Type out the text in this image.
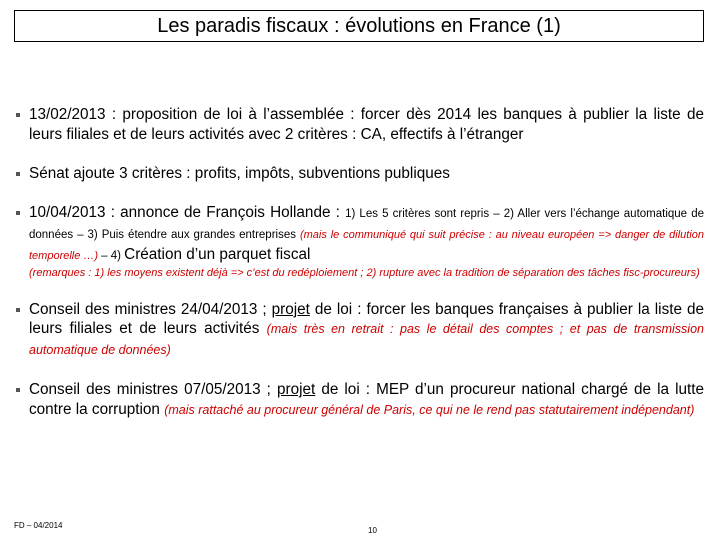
Les paradis fiscaux : évolutions en France (1)

13/02/2013 : proposition de loi à l’assemblée : forcer dès 2014 les banques à publier la liste de leurs filiales et de leurs activités avec 2 critères : CA, effectifs à l’étranger

Sénat ajoute 3 critères : profits, impôts, subventions publiques

10/04/2013 : annonce de François Hollande : 1) Les 5 critères sont repris – 2) Aller vers l’échange automatique de données – 3) Puis étendre aux grandes entreprises (mais le communiqué qui suit précise : au niveau européen => danger de dilution temporelle …) – 4) Création d’un parquet fiscal
(remarques : 1) les moyens existent déjà => c’est du redéploiement ; 2) rupture avec la tradition de séparation des tâches fisc-procureurs)

Conseil des ministres 24/04/2013 ; projet de loi : forcer les banques françaises à publier la liste de leurs filiales et de leurs activités (mais très en retrait : pas le détail des comptes ; et pas de transmission automatique de données)

Conseil des ministres 07/05/2013 ; projet de loi : MEP d’un procureur national chargé de la lutte contre la corruption (mais rattaché au procureur général de Paris, ce qui ne le rend pas statutairement indépendant)

FD – 04/2014
10
